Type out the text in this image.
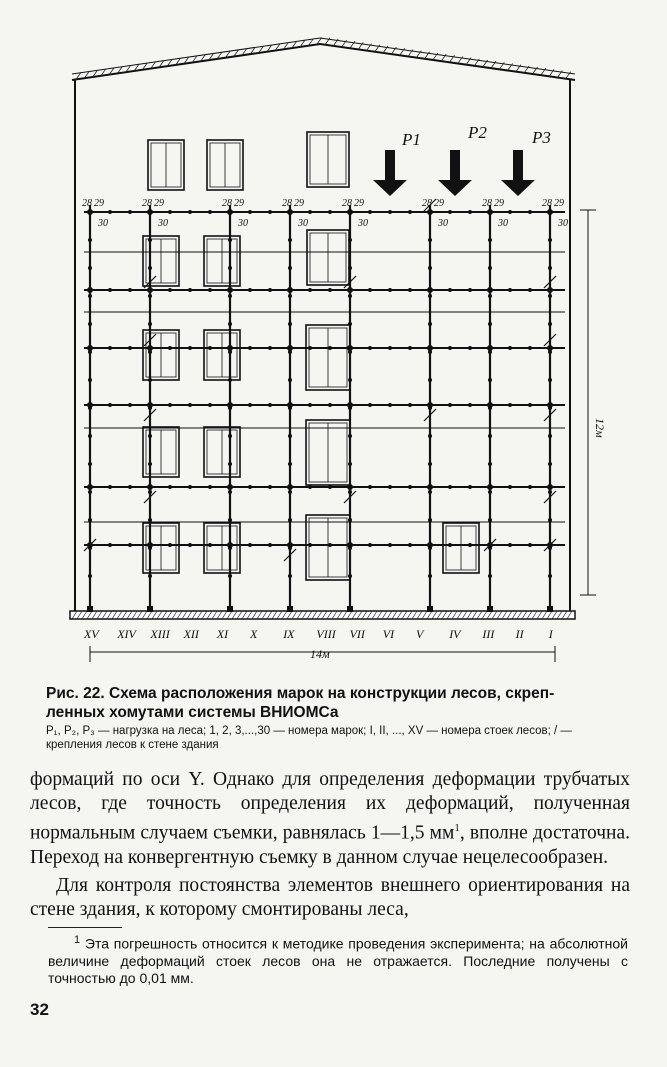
28 29
30
28 29
30
28 29
30
28 29
30
28 29
30
28 29
30
28 29
30
28 29
30
XV XIV XIII XII XI X IX VIII VII VI V IV III II I
P1	P2	P3
12м
14м
Рис. 22. Схема расположения марок на конструкции лесов, скреп-
ленных хомутами системы ВНИОМСа
P₁, P₂, P₃ — нагрузка на леса; 1, 2, 3,...,30 — номера марок; I, II, ..., XV — номера стоек лесов; / — крепления лесов к стене здания

формаций по оси Y. Однако для определения деформации трубчатых лесов, где точность определения их деформаций, полученная нормальным случаем съемки, равнялась 1—1,5 $мм^1$, вполне достаточна. Переход на конвергентную съемку в данном случае нецелесообразен.

Для контроля постоянства элементов внешнего ориентирования на стене здания, к которому смонтированы леса,

$^1$ Эта погрешность относится к методике проведения эксперимента; на абсолютной величине деформаций стоек лесов она не отражается. Последние получены с точностью до 0,01 мм.
32
